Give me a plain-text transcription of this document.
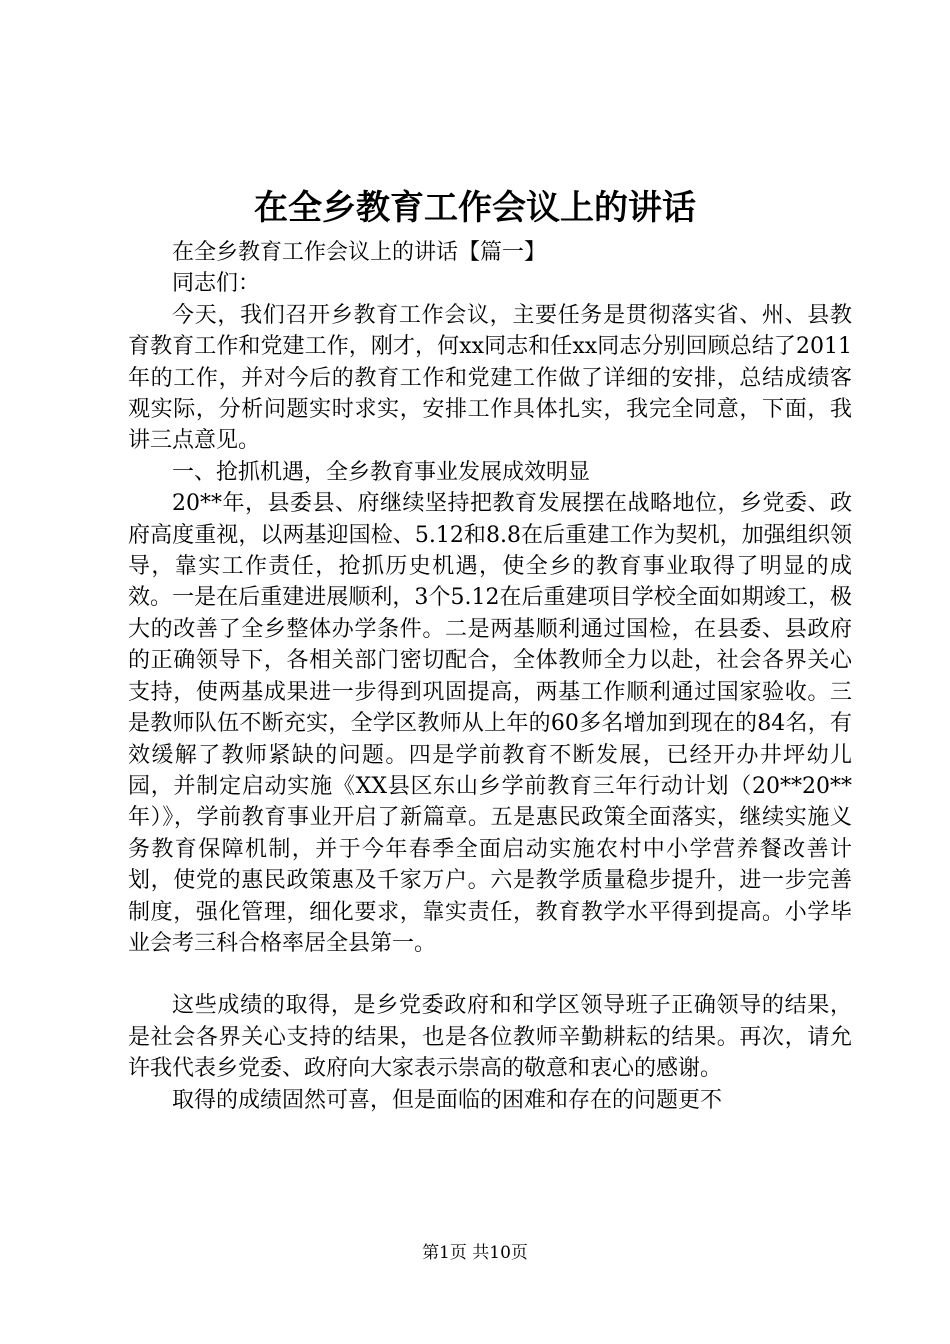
在全乡教育工作会议上的讲话

在全乡教育工作会议上的讲话【篇一】

同志们：

今天，我们召开乡教育工作会议，主要任务是贯彻落实省、州、县教育教育工作和党建工作，刚才，何xx同志和任xx同志分别回顾总结了2011年的工作，并对今后的教育工作和党建工作做了详细的安排，总结成绩客观实际，分析问题实时求实，安排工作具体扎实，我完全同意，下面，我讲三点意见。

一、抢抓机遇，全乡教育事业发展成效明显

20**年，县委县、府继续坚持把教育发展摆在战略地位，乡党委、政府高度重视，以两基迎国检、5.12和8.8在后重建工作为契机，加强组织领导，靠实工作责任，抢抓历史机遇，使全乡的教育事业取得了明显的成效。一是在后重建进展顺利，3个5.12在后重建项目学校全面如期竣工，极大的改善了全乡整体办学条件。二是两基顺利通过国检，在县委、县政府的正确领导下，各相关部门密切配合，全体教师全力以赴，社会各界关心支持，使两基成果进一步得到巩固提高，两基工作顺利通过国家验收。三是教师队伍不断充实，全学区教师从上年的60多名增加到现在的84名，有效缓解了教师紧缺的问题。四是学前教育不断发展，已经开办井坪幼儿园，并制定启动实施《XX县区东山乡学前教育三年行动计划（20**20**年）》，学前教育事业开启了新篇章。五是惠民政策全面落实，继续实施义务教育保障机制，并于今年春季全面启动实施农村中小学营养餐改善计划，使党的惠民政策惠及千家万户。六是教学质量稳步提升，进一步完善制度，强化管理，细化要求，靠实责任，教育教学水平得到提高。小学毕业会考三科合格率居全县第一。

这些成绩的取得，是乡党委政府和和学区领导班子正确领导的结果，是社会各界关心支持的结果，也是各位教师辛勤耕耘的结果。再次，请允许我代表乡党委、政府向大家表示崇高的敬意和衷心的感谢。

取得的成绩固然可喜，但是面临的困难和存在的问题更不

第1页 共10页
